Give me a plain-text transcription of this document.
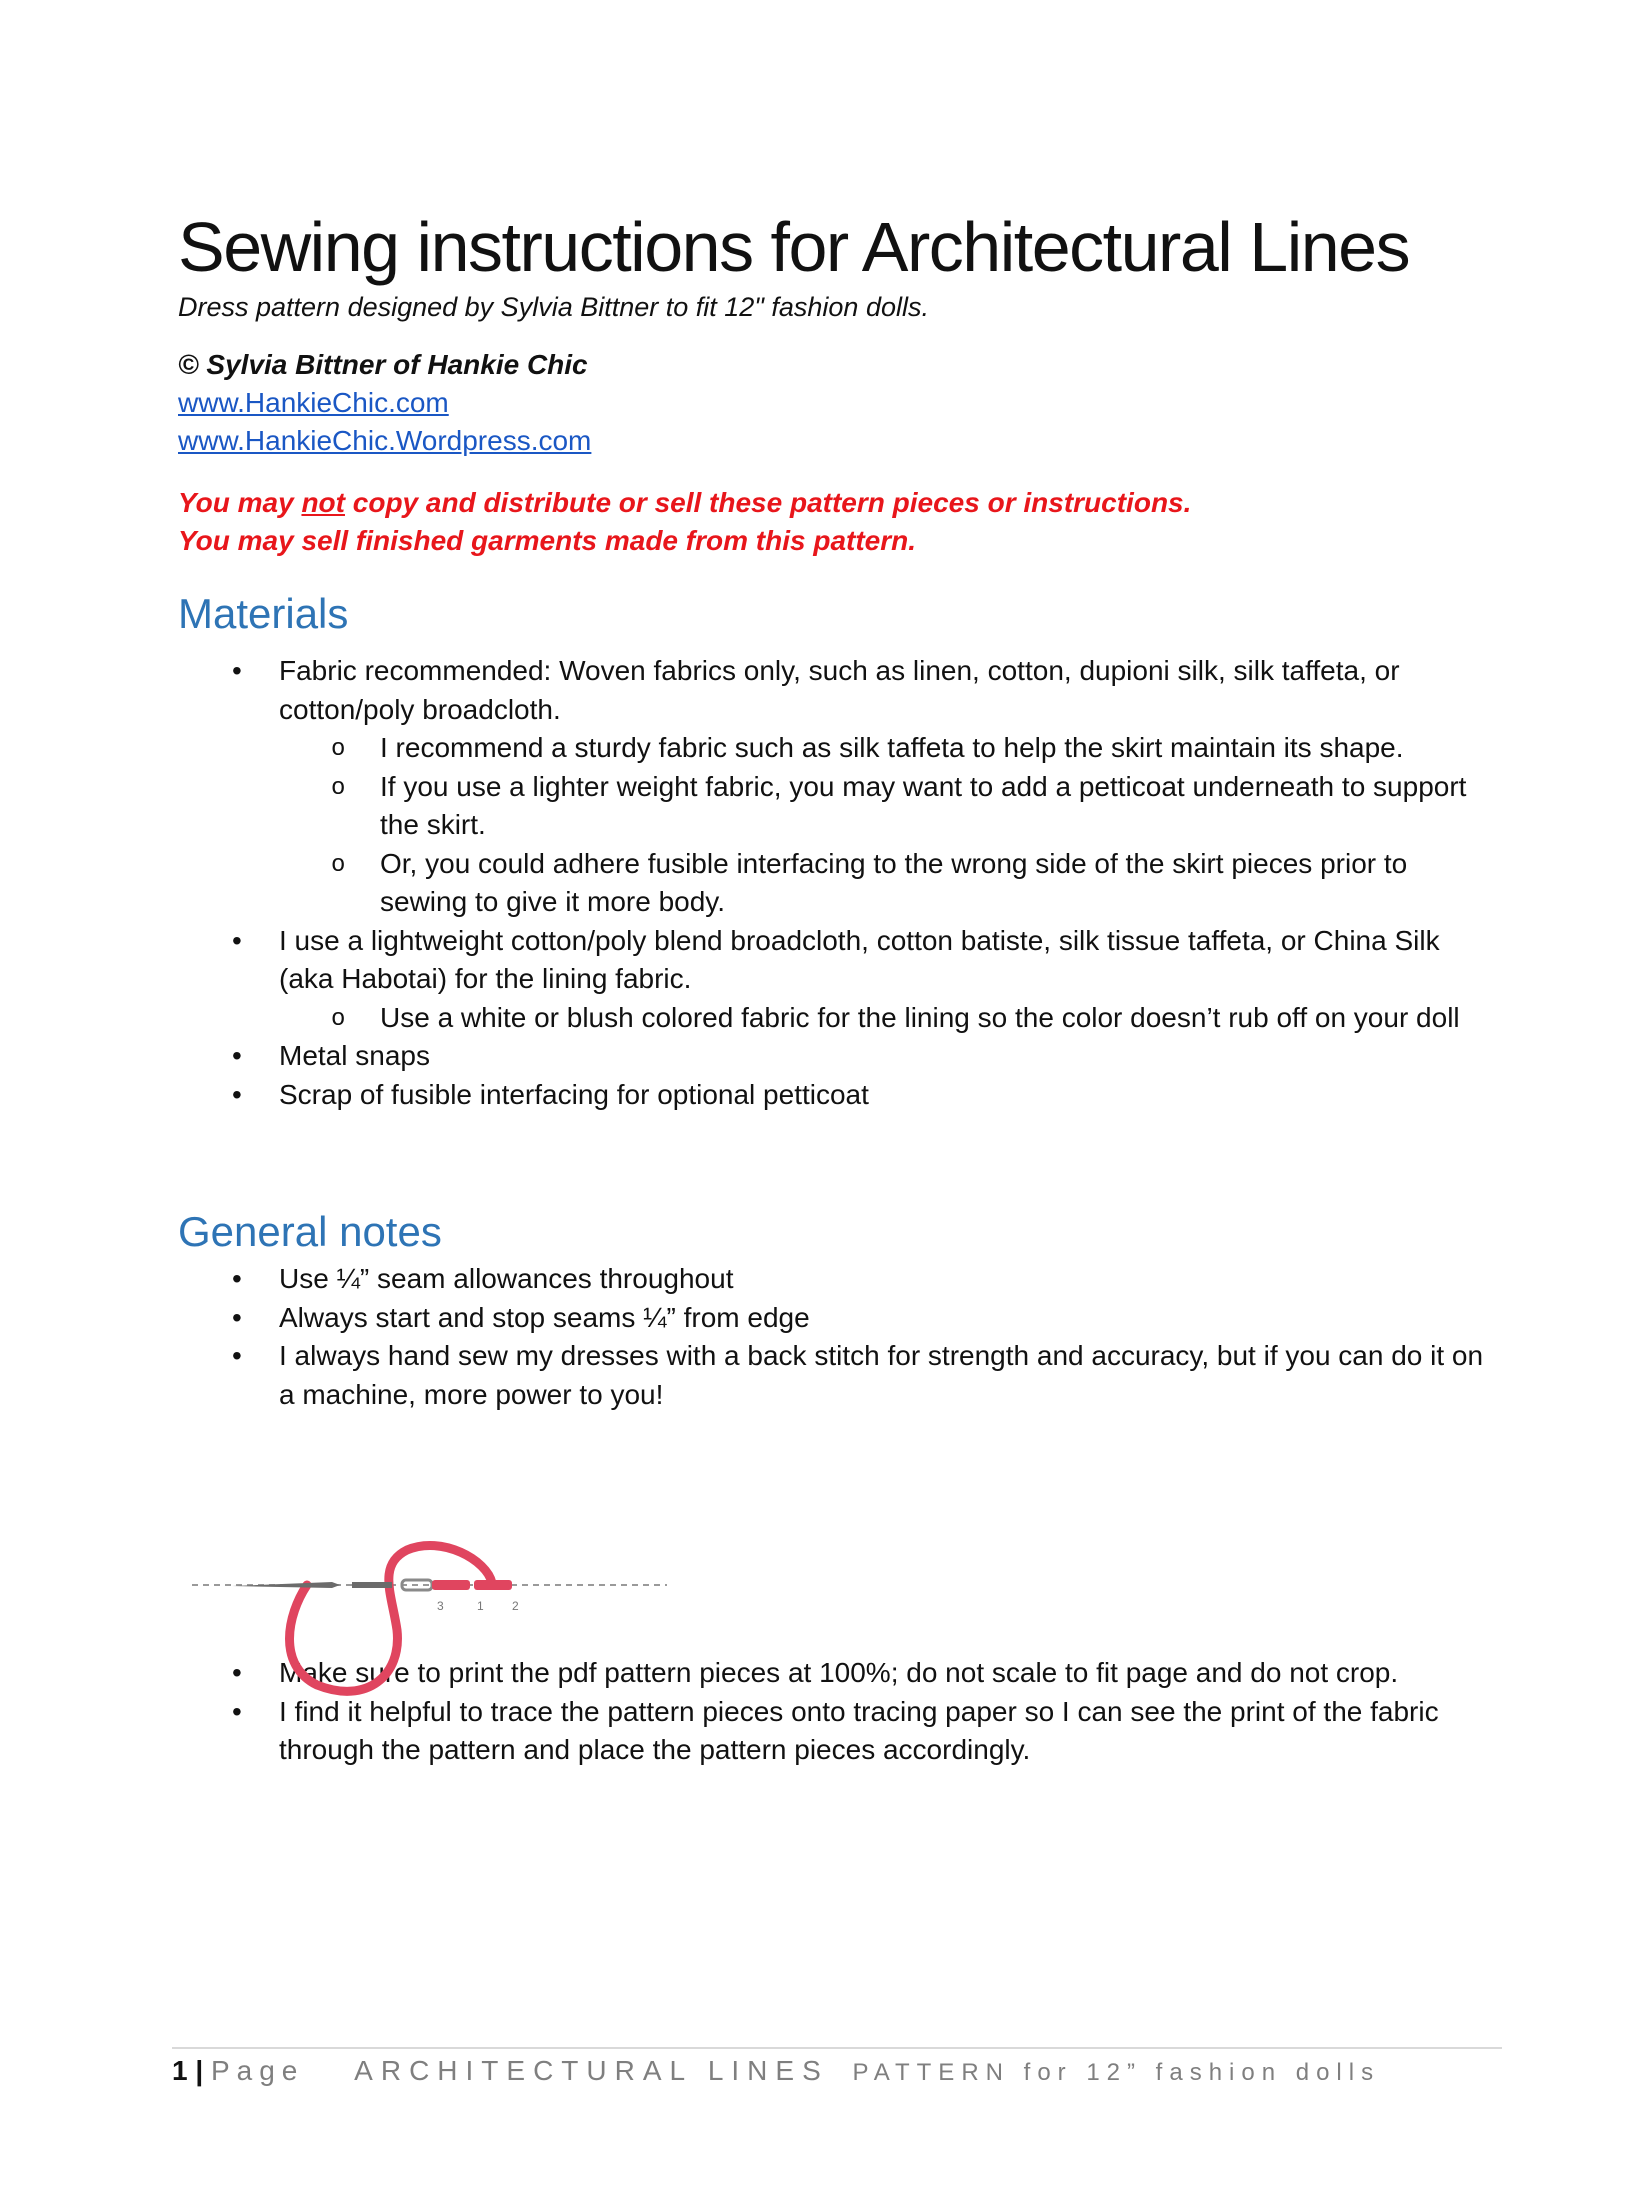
Sewing instructions for Architectural Lines
Dress pattern designed by Sylvia Bittner to fit 12" fashion dolls.
© Sylvia Bittner of Hankie Chic
www.HankieChic.com
www.HankieChic.Wordpress.com
You may not copy and distribute or sell these pattern pieces or instructions.
You may sell finished garments made from this pattern.
Materials
• Fabric recommended: Woven fabrics only, such as linen, cotton, dupioni silk, silk taffeta, or cotton/poly broadcloth.
o I recommend a sturdy fabric such as silk taffeta to help the skirt maintain its shape.
o If you use a lighter weight fabric, you may want to add a petticoat underneath to support the skirt.
o Or, you could adhere fusible interfacing to the wrong side of the skirt pieces prior to sewing to give it more body.
• I use a lightweight cotton/poly blend broadcloth, cotton batiste, silk tissue taffeta, or China Silk (aka Habotai) for the lining fabric.
o Use a white or blush colored fabric for the lining so the color doesn’t rub off on your doll
• Metal snaps
• Scrap of fusible interfacing for optional petticoat
General notes
• Use ¼” seam allowances throughout
• Always start and stop seams ¼” from edge
• I always hand sew my dresses with a back stitch for strength and accuracy, but if you can do it on a machine, more power to you!
• Make sure to print the pdf pattern pieces at 100%; do not scale to fit page and do not crop.
• I find it helpful to trace the pattern pieces onto tracing paper so I can see the print of the fabric through the pattern and place the pattern pieces accordingly.
3	1 2
1 | Page ARCHITECTURAL LINES PATTERN for 12” fashion dolls
